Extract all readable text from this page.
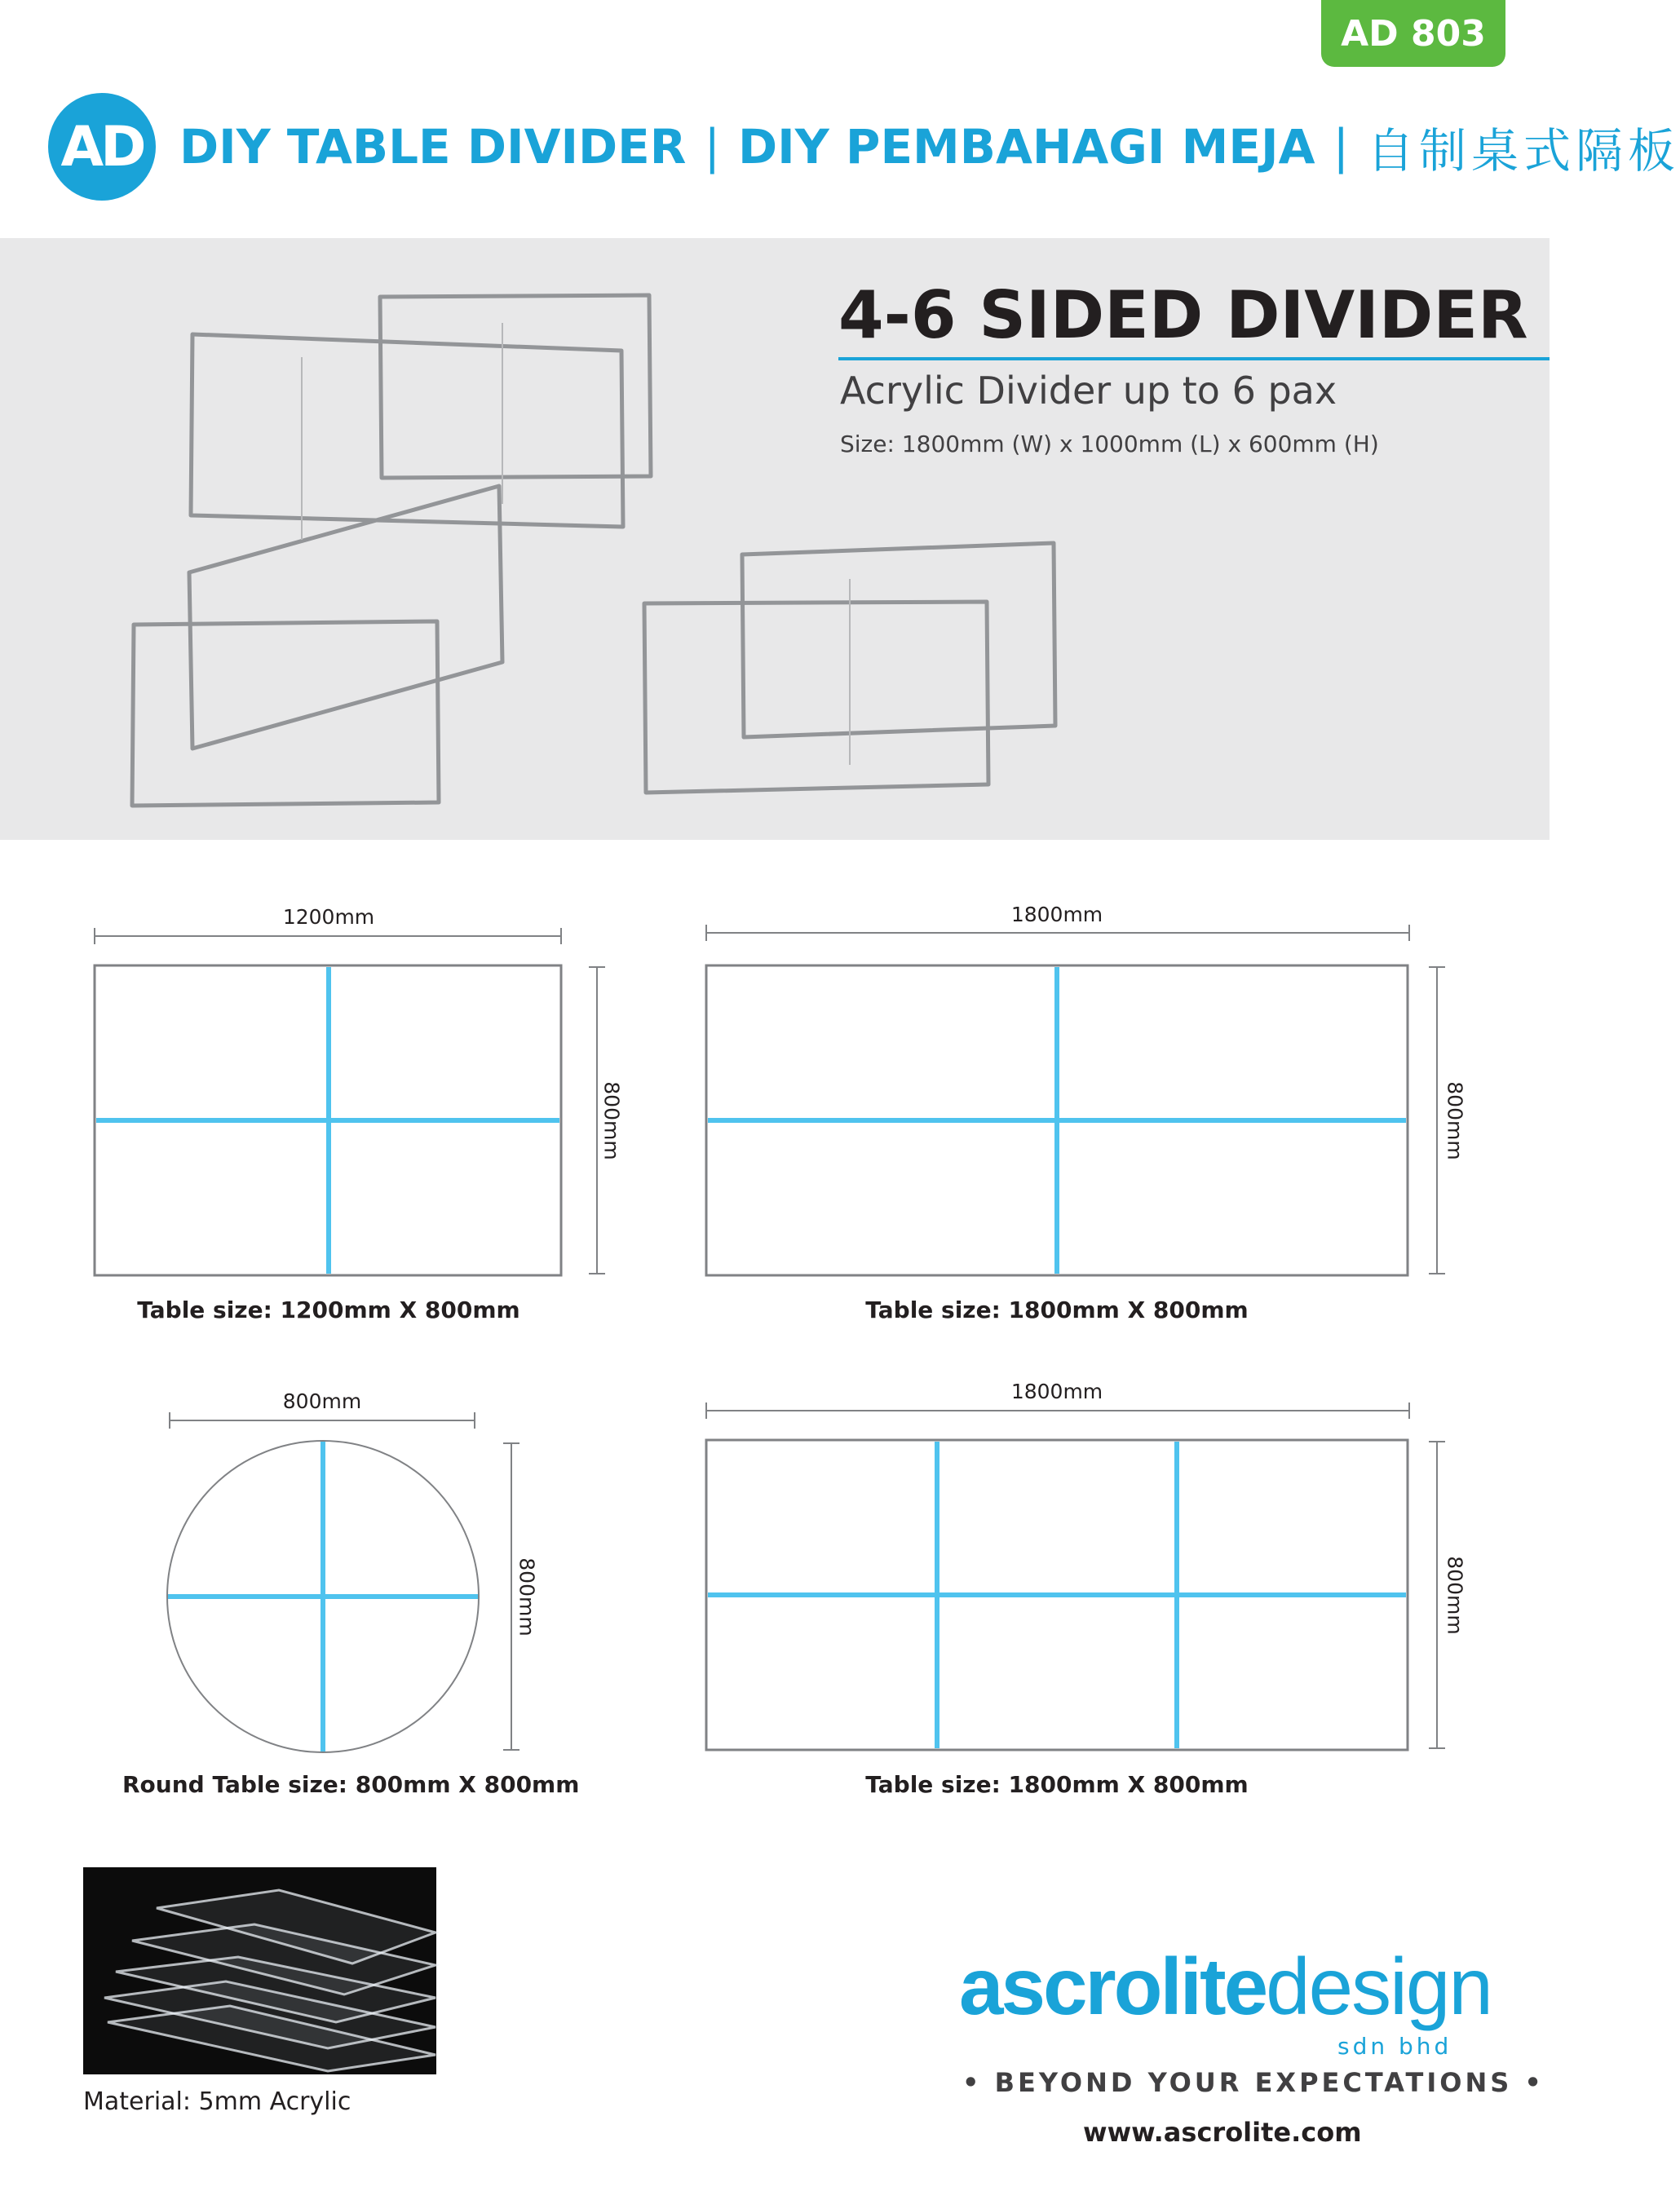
AD 803
AD DIY TABLE DIVIDER | DIY PEMBAHAGI MEJA | 自制桌式隔板
4-6 SIDED DIVIDER
Acrylic Divider up to 6 pax
Size: 1800mm (W) x 1000mm (L) x 600mm (H)
1200mm
800mm
Table size: 1200mm X 800mm
1800mm
800mm
Table size: 1800mm X 800mm
800mm
800mm
Round Table size: 800mm X 800mm
1800mm
800mm
Table size: 1800mm X 800mm
Material: 5mm Acrylic
ascrolitedesign
sdn bhd
• BEYOND YOUR EXPECTATIONS •
www.ascrolite.com
